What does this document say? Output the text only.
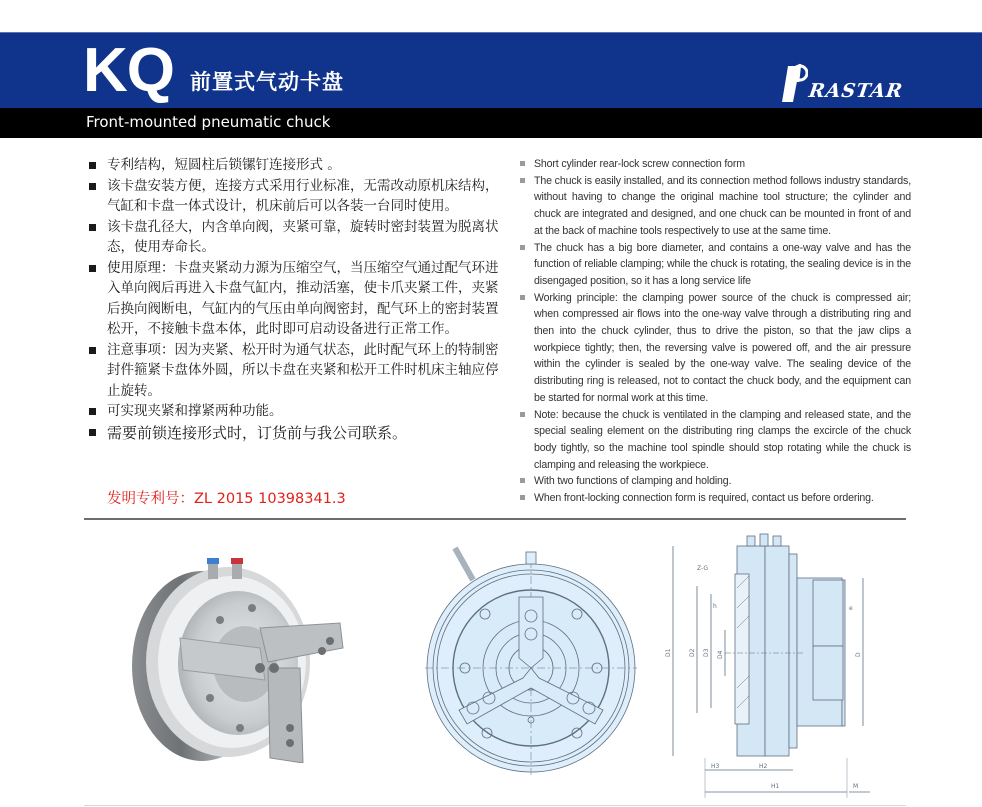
KQ 前置式气动卡盘
Front-mounted pneumatic chuck
RASTAR
专利结构，短圆柱后锁镙钉连接形式 。
该卡盘安装方便，连接方式采用行业标准，无需改动原机床结构，气缸和卡盘一体式设计，机床前后可以各装一台同时使用。
该卡盘孔径大，内含单向阀，夹紧可靠，旋转时密封装置为脱离状态，使用寿命长。
使用原理：卡盘夹紧动力源为压缩空气，当压缩空气通过配气环进入单向阀后再进入卡盘气缸内，推动活塞，使卡爪夹紧工件，夹紧后换向阀断电，气缸内的气压由单向阀密封，配气环上的密封装置松开，不接触卡盘本体，此时即可启动设备进行正常工作。
注意事项：因为夹紧、松开时为通气状态，此时配气环上的特制密封件箍紧卡盘体外圆，所以卡盘在夹紧和松开工件时机床主轴应停止旋转。
可实现夹紧和撑紧两种功能。
需要前锁连接形式时，订货前与我公司联系。
发明专利号：ZL 2015 10398341.3
Short cylinder rear-lock screw connection form
The chuck is easily installed, and its connection method follows industry standards, without having to change the original machine tool structure; the cylinder and chuck are integrated and designed, and one chuck can be mounted in front of and at the back of machine tools respectively to use at the same time.
The chuck has a big bore diameter, and contains a one-way valve and has the function of reliable clamping; while the chuck is rotating, the sealing device is in the disengaged position, so it has a long service life
Working principle: the clamping power source of the chuck is compressed air; when compressed air flows into the one-way valve through a distributing ring and then into the chuck cylinder, thus to drive the piston, so that the jaw clips a workpiece tightly; then, the reversing valve is powered off, and the air pressure within the cylinder is sealed by the one-way valve. The sealing device of the distributing ring is released, not to contact the chuck body, and the equipment can be started for normal work at this time.
Note: because the chuck is ventilated in the clamping and released state, and the special sealing element on the distributing ring clamps the excircle of the chuck body tightly, so the machine tool spindle should stop rotating while the chuck is clamping and releasing the workpiece.
With two functions of clamping and holding.
When front-locking connection form is required, contact us before ordering.
D1	D2 D3 D4	D
h
H1
H2
H3
M
Z-G
e
